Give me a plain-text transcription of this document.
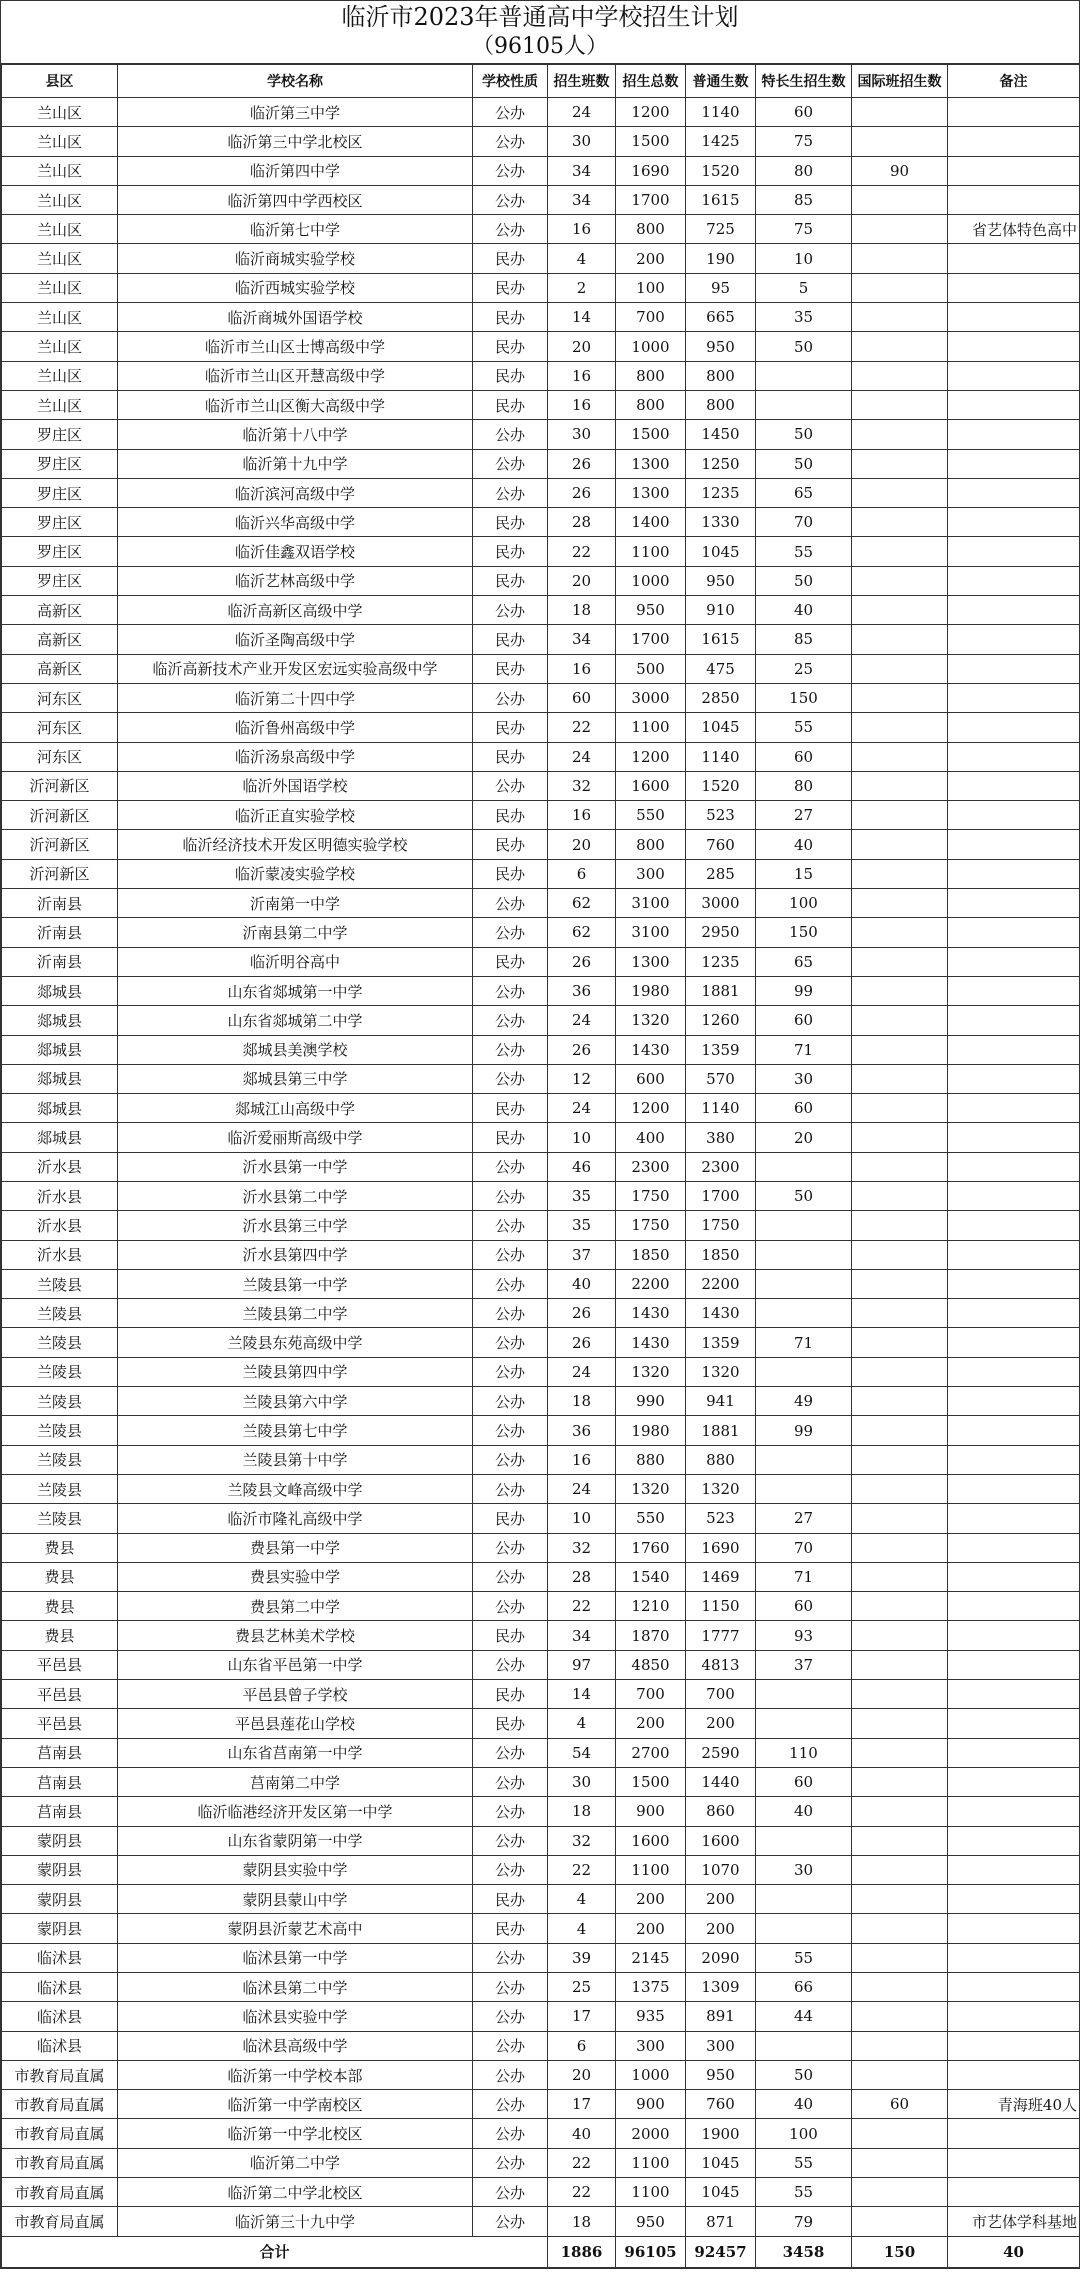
临沂市2023年普通高中学校招生计划
（96105人）
县区	学校名称	学校性质	招生班数	招生总数	普通生数	特长生招生数	国际班招生数	备注
兰山区	临沂第三中学	公办	24	1200	1140	60		
兰山区	临沂第三中学北校区	公办	30	1500	1425	75		
兰山区	临沂第四中学	公办	34	1690	1520	80	90	
兰山区	临沂第四中学西校区	公办	34	1700	1615	85		
兰山区	临沂第七中学	公办	16	800	725	75		省艺体特色高中
兰山区	临沂商城实验学校	民办	4	200	190	10		
兰山区	临沂西城实验学校	民办	2	100	95	5		
兰山区	临沂商城外国语学校	民办	14	700	665	35		
兰山区	临沂市兰山区士博高级中学	民办	20	1000	950	50		
兰山区	临沂市兰山区开慧高级中学	民办	16	800	800			
兰山区	临沂市兰山区衡大高级中学	民办	16	800	800			
罗庄区	临沂第十八中学	公办	30	1500	1450	50		
罗庄区	临沂第十九中学	公办	26	1300	1250	50		
罗庄区	临沂滨河高级中学	公办	26	1300	1235	65		
罗庄区	临沂兴华高级中学	民办	28	1400	1330	70		
罗庄区	临沂佳鑫双语学校	民办	22	1100	1045	55		
罗庄区	临沂艺林高级中学	民办	20	1000	950	50		
高新区	临沂高新区高级中学	公办	18	950	910	40		
高新区	临沂圣陶高级中学	民办	34	1700	1615	85		
高新区	临沂高新技术产业开发区宏远实验高级中学	民办	16	500	475	25		
河东区	临沂第二十四中学	公办	60	3000	2850	150		
河东区	临沂鲁州高级中学	民办	22	1100	1045	55		
河东区	临沂汤泉高级中学	民办	24	1200	1140	60		
沂河新区	临沂外国语学校	公办	32	1600	1520	80		
沂河新区	临沂正直实验学校	民办	16	550	523	27		
沂河新区	临沂经济技术开发区明德实验学校	民办	20	800	760	40		
沂河新区	临沂蒙凌实验学校	民办	6	300	285	15		
沂南县	沂南第一中学	公办	62	3100	3000	100		
沂南县	沂南县第二中学	公办	62	3100	2950	150		
沂南县	临沂明谷高中	民办	26	1300	1235	65		
郯城县	山东省郯城第一中学	公办	36	1980	1881	99		
郯城县	山东省郯城第二中学	公办	24	1320	1260	60		
郯城县	郯城县美澳学校	公办	26	1430	1359	71		
郯城县	郯城县第三中学	公办	12	600	570	30		
郯城县	郯城江山高级中学	民办	24	1200	1140	60		
郯城县	临沂爱丽斯高级中学	民办	10	400	380	20		
沂水县	沂水县第一中学	公办	46	2300	2300			
沂水县	沂水县第二中学	公办	35	1750	1700	50		
沂水县	沂水县第三中学	公办	35	1750	1750			
沂水县	沂水县第四中学	公办	37	1850	1850			
兰陵县	兰陵县第一中学	公办	40	2200	2200			
兰陵县	兰陵县第二中学	公办	26	1430	1430			
兰陵县	兰陵县东苑高级中学	公办	26	1430	1359	71		
兰陵县	兰陵县第四中学	公办	24	1320	1320			
兰陵县	兰陵县第六中学	公办	18	990	941	49		
兰陵县	兰陵县第七中学	公办	36	1980	1881	99		
兰陵县	兰陵县第十中学	公办	16	880	880			
兰陵县	兰陵县文峰高级中学	公办	24	1320	1320			
兰陵县	临沂市隆礼高级中学	民办	10	550	523	27		
费县	费县第一中学	公办	32	1760	1690	70		
费县	费县实验中学	公办	28	1540	1469	71		
费县	费县第二中学	公办	22	1210	1150	60		
费县	费县艺林美术学校	民办	34	1870	1777	93		
平邑县	山东省平邑第一中学	公办	97	4850	4813	37		
平邑县	平邑县曾子学校	民办	14	700	700			
平邑县	平邑县莲花山学校	民办	4	200	200			
莒南县	山东省莒南第一中学	公办	54	2700	2590	110		
莒南县	莒南第二中学	公办	30	1500	1440	60		
莒南县	临沂临港经济开发区第一中学	公办	18	900	860	40		
蒙阴县	山东省蒙阴第一中学	公办	32	1600	1600			
蒙阴县	蒙阴县实验中学	公办	22	1100	1070	30		
蒙阴县	蒙阴县蒙山中学	民办	4	200	200			
蒙阴县	蒙阴县沂蒙艺术高中	民办	4	200	200			
临沭县	临沭县第一中学	公办	39	2145	2090	55		
临沭县	临沭县第二中学	公办	25	1375	1309	66		
临沭县	临沭县实验中学	公办	17	935	891	44		
临沭县	临沭县高级中学	公办	6	300	300			
市教育局直属	临沂第一中学校本部	公办	20	1000	950	50		
市教育局直属	临沂第一中学南校区	公办	17	900	760	40	60	青海班40人
市教育局直属	临沂第一中学北校区	公办	40	2000	1900	100		
市教育局直属	临沂第二中学	公办	22	1100	1045	55		
市教育局直属	临沂第二中学北校区	公办	22	1100	1045	55		
市教育局直属	临沂第三十九中学	公办	18	950	871	79		市艺体学科基地
合计			1886	96105	92457	3458	150	40
